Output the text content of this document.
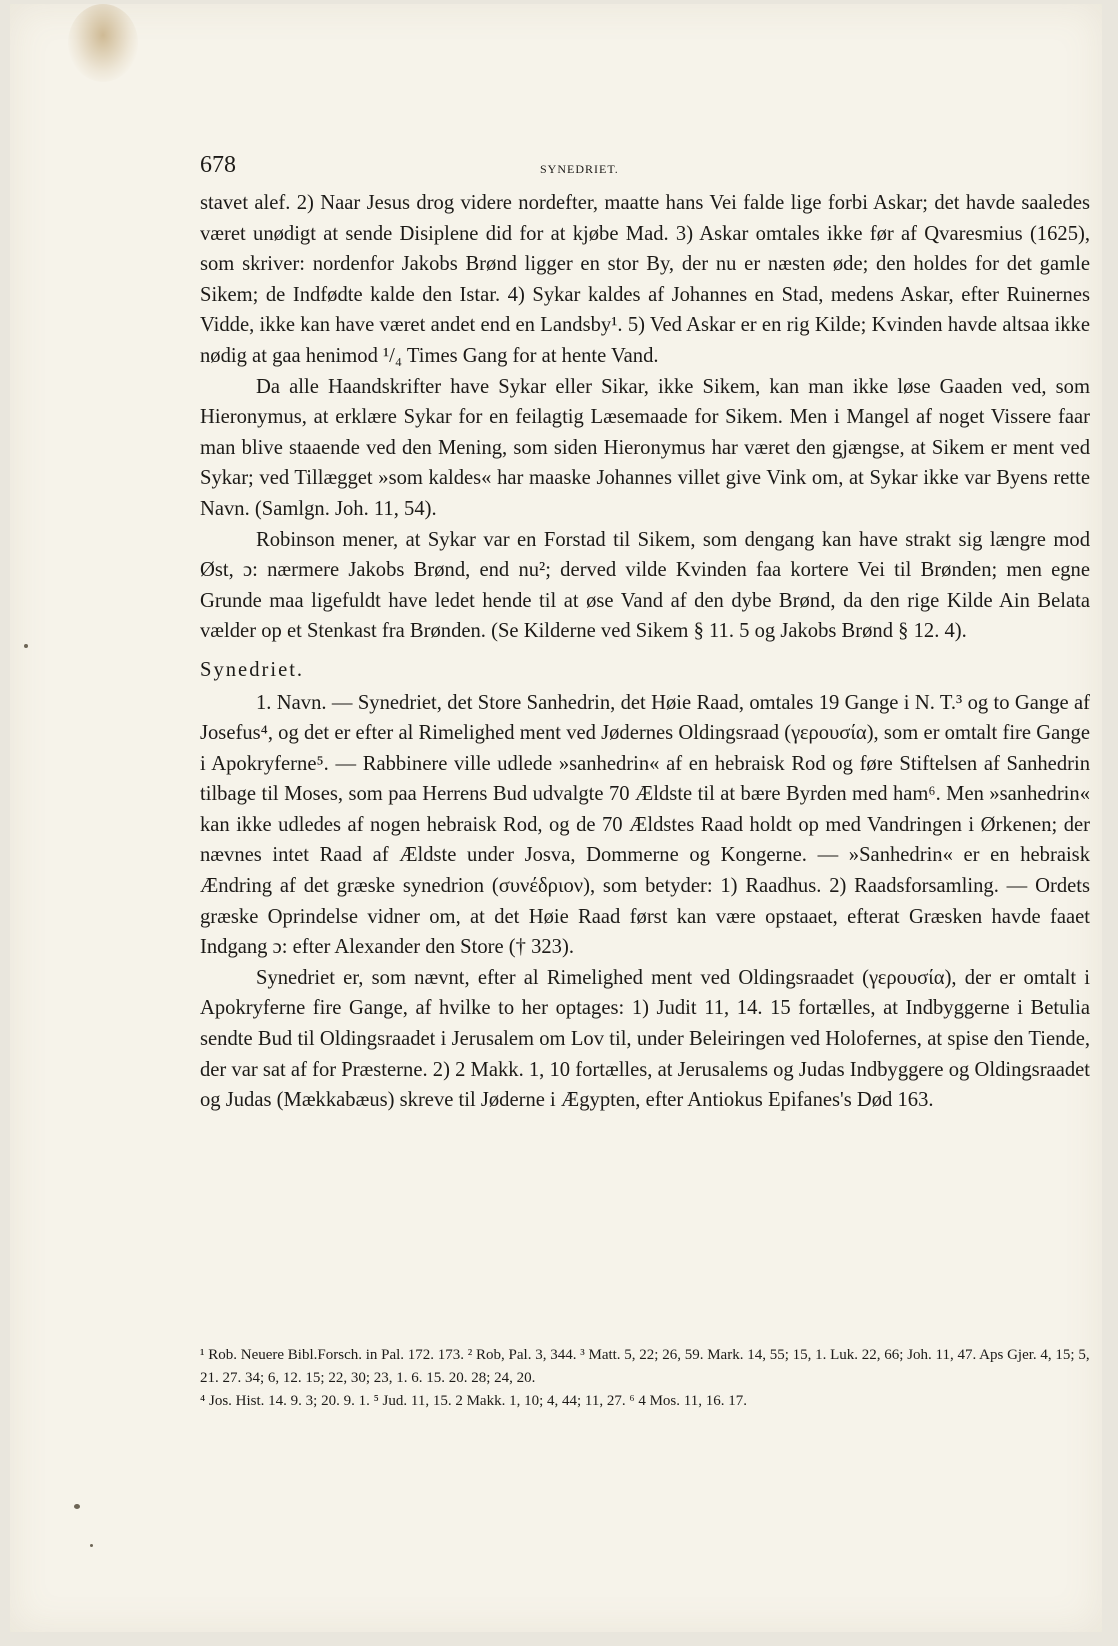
678	SYNEDRIET.

stavet alef. 2) Naar Jesus drog videre nordefter, maatte hans Vei falde lige forbi Askar; det havde saaledes været unødigt at sende Disiplene did for at kjøbe Mad. 3) Askar omtales ikke før af Qvaresmius (1625), som skriver: nordenfor Jakobs Brønd ligger en stor By, der nu er næsten øde; den holdes for det gamle Sikem; de Indfødte kalde den Istar. 4) Sykar kaldes af Johannes en Stad, medens Askar, efter Ruinernes Vidde, ikke kan have været andet end en Landsby¹. 5) Ved Askar er en rig Kilde; Kvinden havde altsaa ikke nødig at gaa henimod ¹/₄ Times Gang for at hente Vand.

Da alle Haandskrifter have Sykar eller Sikar, ikke Sikem, kan man ikke løse Gaaden ved, som Hieronymus, at erklære Sykar for en feilagtig Læsemaade for Sikem. Men i Mangel af noget Vissere faar man blive staaende ved den Mening, som siden Hieronymus har været den gjængse, at Sikem er ment ved Sykar; ved Tillægget »som kaldes« har maaske Johannes villet give Vink om, at Sykar ikke var Byens rette Navn. (Samlgn. Joh. 11, 54).

Robinson mener, at Sykar var en Forstad til Sikem, som dengang kan have strakt sig længre mod Øst, ɔ: nærmere Jakobs Brønd, end nu²; derved vilde Kvinden faa kortere Vei til Brønden; men egne Grunde maa ligefuldt have ledet hende til at øse Vand af den dybe Brønd, da den rige Kilde Ain Belata vælder op et Stenkast fra Brønden. (Se Kilderne ved Sikem § 11. 5 og Jakobs Brønd § 12. 4).

Synedriet.

1. Navn. — Synedriet, det Store Sanhedrin, det Høie Raad, omtales 19 Gange i N. T.³ og to Gange af Josefus⁴, og det er efter al Rimelighed ment ved Jødernes Oldingsraad (γερουσία), som er omtalt fire Gange i Apokryferne⁵. — Rabbinere ville udlede »sanhedrin« af en hebraisk Rod og føre Stiftelsen af Sanhedrin tilbage til Moses, som paa Herrens Bud udvalgte 70 Ældste til at bære Byrden med ham⁶. Men »sanhedrin« kan ikke udledes af nogen hebraisk Rod, og de 70 Ældstes Raad holdt op med Vandringen i Ørkenen; der nævnes intet Raad af Ældste under Josva, Dommerne og Kongerne. — »Sanhedrin« er en hebraisk Ændring af det græske synedrion (συνέδριον), som betyder: 1) Raadhus. 2) Raadsforsamling. — Ordets græske Oprindelse vidner om, at det Høie Raad først kan være opstaaet, efterat Græsken havde faaet Indgang ɔ: efter Alexander den Store († 323).

Synedriet er, som nævnt, efter al Rimelighed ment ved Oldingsraadet (γερουσία), der er omtalt i Apokryferne fire Gange, af hvilke to her optages: 1) Judit 11, 14. 15 fortælles, at Indbyggerne i Betulia sendte Bud til Oldingsraadet i Jerusalem om Lov til, under Beleiringen ved Holofernes, at spise den Tiende, der var sat af for Præsterne. 2) 2 Makk. 1, 10 fortælles, at Jerusalems og Judas Indbyggere og Oldingsraadet og Judas (Mækkabæus) skreve til Jøderne i Ægypten, efter Antiokus Epifanes's Død 163.

¹ Rob. Neuere Bibl.Forsch. in Pal. 172. 173. ² Rob, Pal. 3, 344. ³ Matt. 5, 22; 26, 59. Mark. 14, 55; 15, 1. Luk. 22, 66; Joh. 11, 47. Aps Gjer. 4, 15; 5, 21. 27. 34; 6, 12. 15; 22, 30; 23, 1. 6. 15. 20. 28; 24, 20.

⁴ Jos. Hist. 14. 9. 3; 20. 9. 1. ⁵ Jud. 11, 15. 2 Makk. 1, 10; 4, 44; 11, 27. ⁶ 4 Mos. 11, 16. 17.
